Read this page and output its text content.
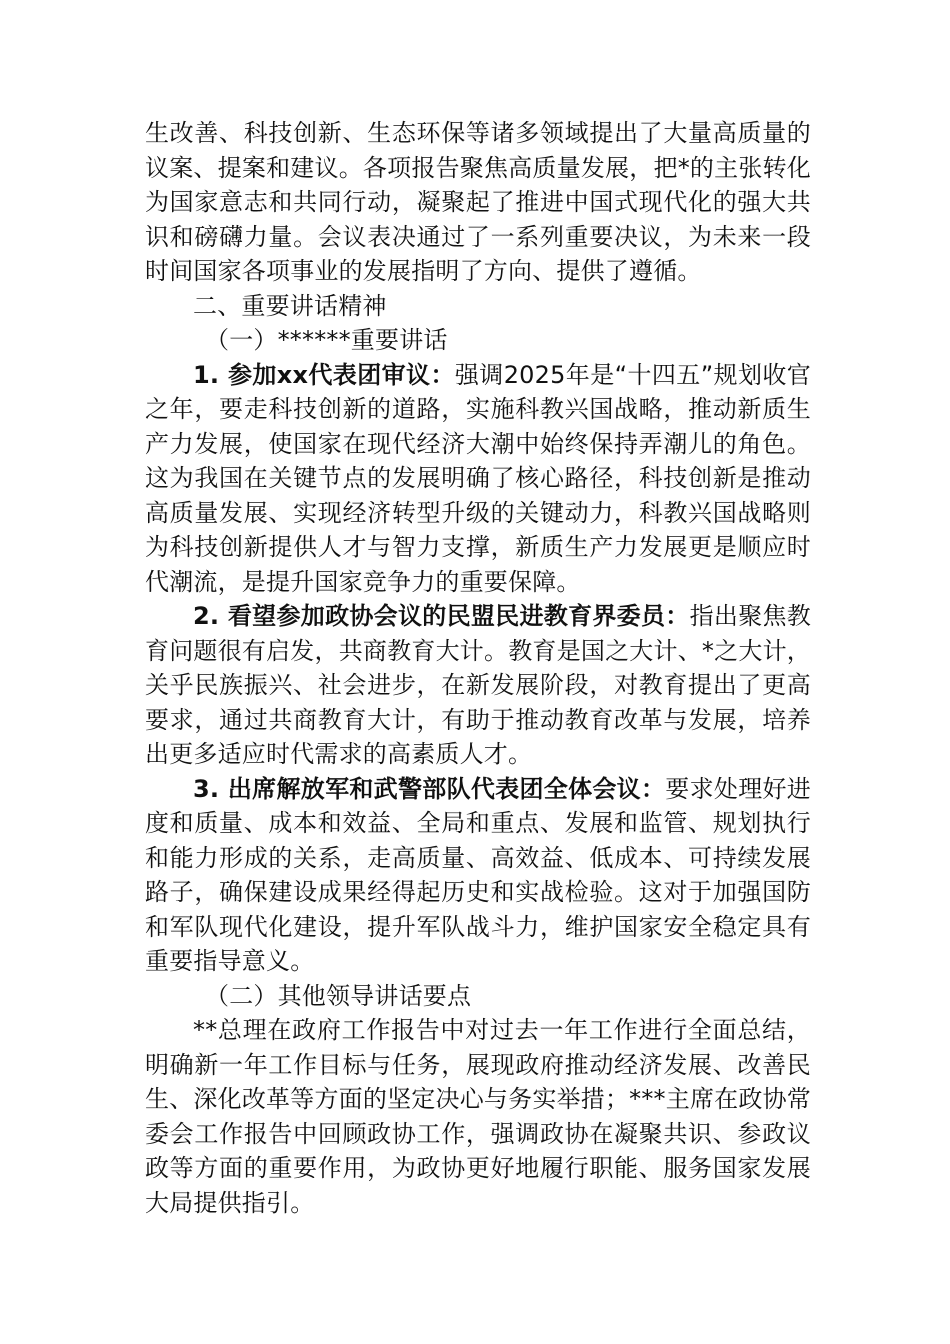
生改善、科技创新、生态环保等诸多领域提出了大量高质量的议案、提案和建议。各项报告聚焦高质量发展，把*的主张转化为国家意志和共同行动，凝聚起了推进中国式现代化的强大共识和磅礴力量。会议表决通过了一系列重要决议，为未来一段时间国家各项事业的发展指明了方向、提供了遵循。

二、重要讲话精神

（一）******重要讲话

1. 参加xx代表团审议：强调2025年是“十四五”规划收官之年，要走科技创新的道路，实施科教兴国战略，推动新质生产力发展，使国家在现代经济大潮中始终保持弄潮儿的角色。这为我国在关键节点的发展明确了核心路径，科技创新是推动高质量发展、实现经济转型升级的关键动力，科教兴国战略则为科技创新提供人才与智力支撑，新质生产力发展更是顺应时代潮流，是提升国家竞争力的重要保障。

2. 看望参加政协会议的民盟民进教育界委员：指出聚焦教育问题很有启发，共商教育大计。教育是国之大计、*之大计，关乎民族振兴、社会进步，在新发展阶段，对教育提出了更高要求，通过共商教育大计，有助于推动教育改革与发展，培养出更多适应时代需求的高素质人才。

3. 出席解放军和武警部队代表团全体会议：要求处理好进度和质量、成本和效益、全局和重点、发展和监管、规划执行和能力形成的关系，走高质量、高效益、低成本、可持续发展路子，确保建设成果经得起历史和实战检验。这对于加强国防和军队现代化建设，提升军队战斗力，维护国家安全稳定具有重要指导意义。

（二）其他领导讲话要点

**总理在政府工作报告中对过去一年工作进行全面总结，明确新一年工作目标与任务，展现政府推动经济发展、改善民生、深化改革等方面的坚定决心与务实举措；***主席在政协常委会工作报告中回顾政协工作，强调政协在凝聚共识、参政议政等方面的重要作用，为政协更好地履行职能、服务国家发展大局提供指引。
